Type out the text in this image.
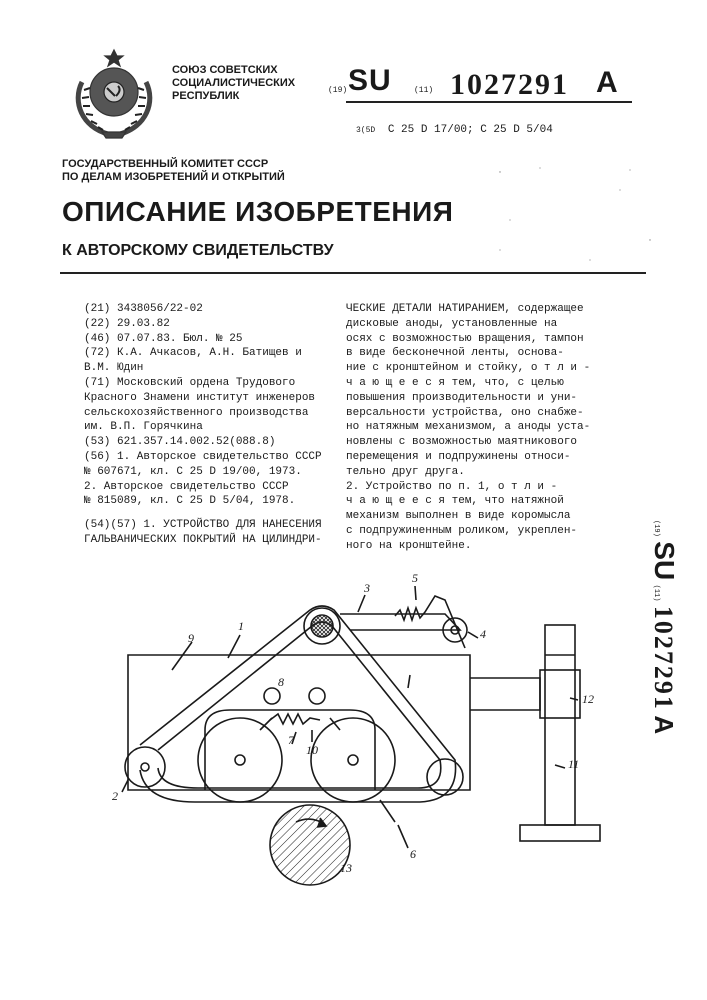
СОЮЗ СОВЕТСКИХ
СОЦИАЛИСТИЧЕСКИХ
РЕСПУБЛИК	(19) SU	(11) 1027291 A
3(5D C 25 D 17/00; C 25 D 5/04
ГОСУДАРСТВЕННЫЙ КОМИТЕТ СССР
ПО ДЕЛАМ ИЗОБРЕТЕНИЙ И ОТКРЫТИЙ
ОПИСАНИЕ ИЗОБРЕТЕНИЯ
К АВТОРСКОМУ СВИДЕТЕЛЬСТВУ
(21) 3438056/22-02
(22) 29.03.82
(46) 07.07.83. Бюл. № 25
(72) К.А. Ачкасов, А.Н. Батищев и
В.М. Юдин
(71) Московский ордена Трудового
Красного Знамени институт инженеров
сельскохозяйственного производства
им. В.П. Горячкина
(53) 621.357.14.002.52(088.8)
(56) 1. Авторское свидетельство СССР
№ 607671, кл. С 25 D 19/00, 1973.
2. Авторское свидетельство СССР
№ 815089, кл. С 25 D 5/04, 1978.
(54)(57) 1. УСТРОЙСТВО ДЛЯ НАНЕСЕНИЯ
ГАЛЬВАНИЧЕСКИХ ПОКРЫТИЙ НА ЦИЛИНДРИ-
ЧЕСКИЕ ДЕТАЛИ НАТИРАНИЕМ, содержащее
дисковые аноды, установленные на
осях с возможностью вращения, тампон
в виде бесконечной ленты, основа-
ние с кронштейном и стойку, о т л и -
ч а ю щ е е с я тем, что, с целью
повышения производительности и уни-
версальности устройства, оно снабже-
но натяжным механизмом, а аноды уста-
новлены с возможностью маятникового
перемещения и подпружинены относи-
тельно друг друга.
2. Устройство по п. 1, о т л и -
ч а ю щ е е с я тем, что натяжной
механизм выполнен в виде коромысла
с подпружиненным роликом, укреплен-
ного на кронштейне.
(19) SU (11) 1027291 A
1
2
3
4
5
6
7
8
9
10
11
12
13
